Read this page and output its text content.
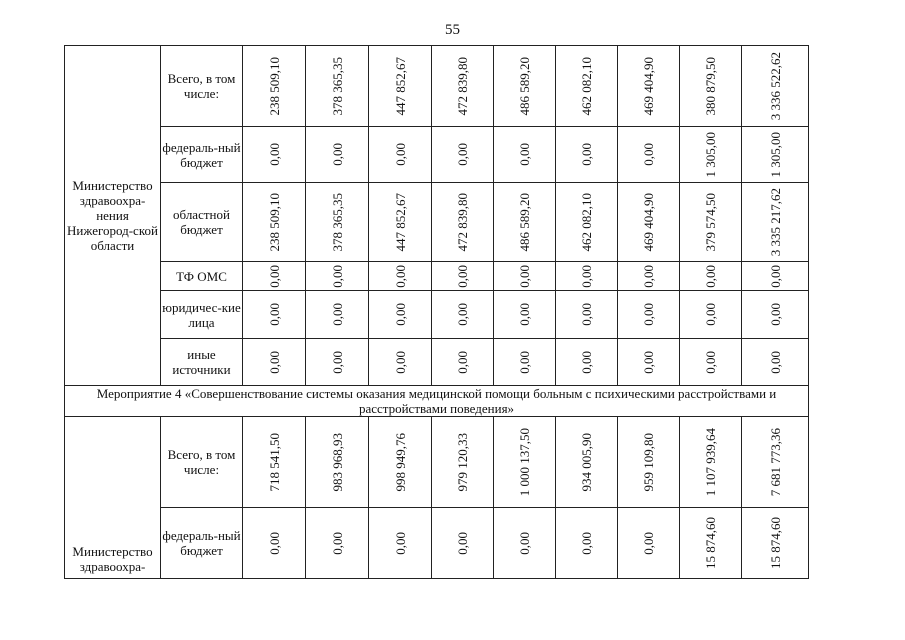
55
Министерство здравоохра-нения Нижегород-ской области	Всего, в том числе:	238 509,10	378 365,35	447 852,67	472 839,80	486 589,20	462 082,10	469 404,90	380 879,50	3 336 522,62

	федераль-ный бюджет	0,00	0,00	0,00	0,00	0,00	0,00	0,00	1 305,00	1 305,00

	областной бюджет	238 509,10	378 365,35	447 852,67	472 839,80	486 589,20	462 082,10	469 404,90	379 574,50	3 335 217,62

	ТФ ОМС	0,00	0,00	0,00	0,00	0,00	0,00	0,00	0,00	0,00

	юридичес-кие лица	0,00	0,00	0,00	0,00	0,00	0,00	0,00	0,00	0,00

	иные источники	0,00	0,00	0,00	0,00	0,00	0,00	0,00	0,00	0,00

Мероприятие 4 «Совершенствование системы оказания медицинской помощи больным с психическими расстройствами и расстройствами поведения»										
Министерство здравоохра-	Всего, в том числе:	718 541,50	983 968,93	998 949,76	979 120,33	1 000 137,50	934 005,90	959 109,80	1 107 939,64	7 681 773,36

	федераль-ный бюджет	0,00	0,00	0,00	0,00	0,00	0,00	0,00	15 874,60	15 874,60
